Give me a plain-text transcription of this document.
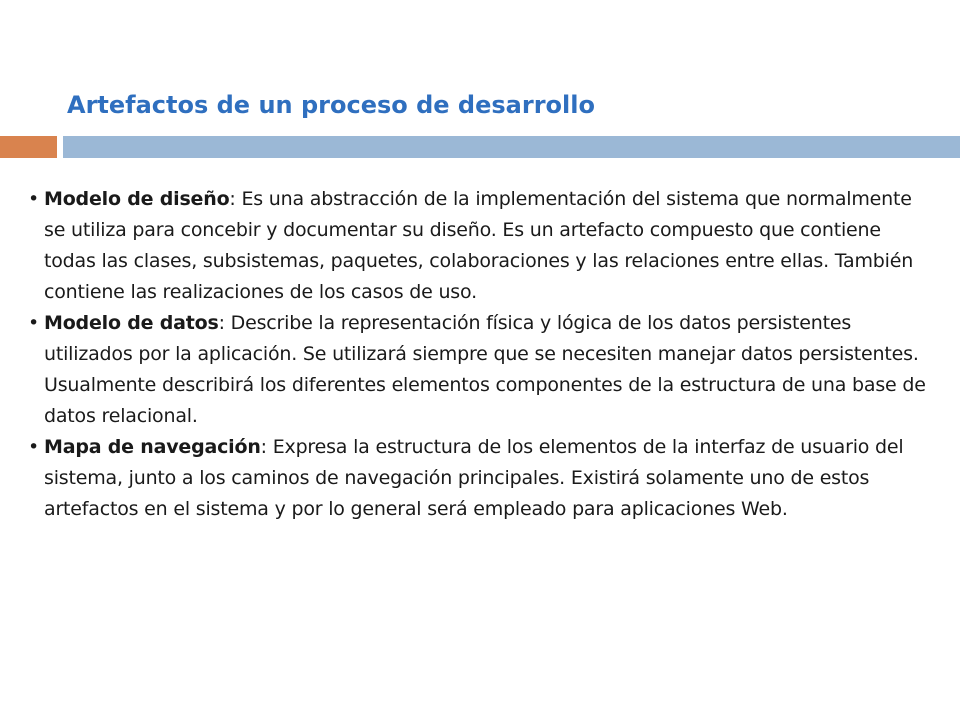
Artefactos de un proceso de desarrollo
• Modelo de diseño: Es una abstracción de la implementación del sistema que normalmente se utiliza para concebir y documentar su diseño. Es un artefacto compuesto que contiene todas las clases, subsistemas, paquetes, colaboraciones y las relaciones entre ellas. También contiene las realizaciones de los casos de uso.
• Modelo de datos: Describe la representación física y lógica de los datos persistentes utilizados por la aplicación. Se utilizará siempre que se necesiten manejar datos persistentes. Usualmente describirá los diferentes elementos componentes de la estructura de una base de datos relacional.
• Mapa de navegación: Expresa la estructura de los elementos de la interfaz de usuario del sistema, junto a los caminos de navegación principales. Existirá solamente uno de estos artefactos en el sistema y por lo general será empleado para aplicaciones Web.
